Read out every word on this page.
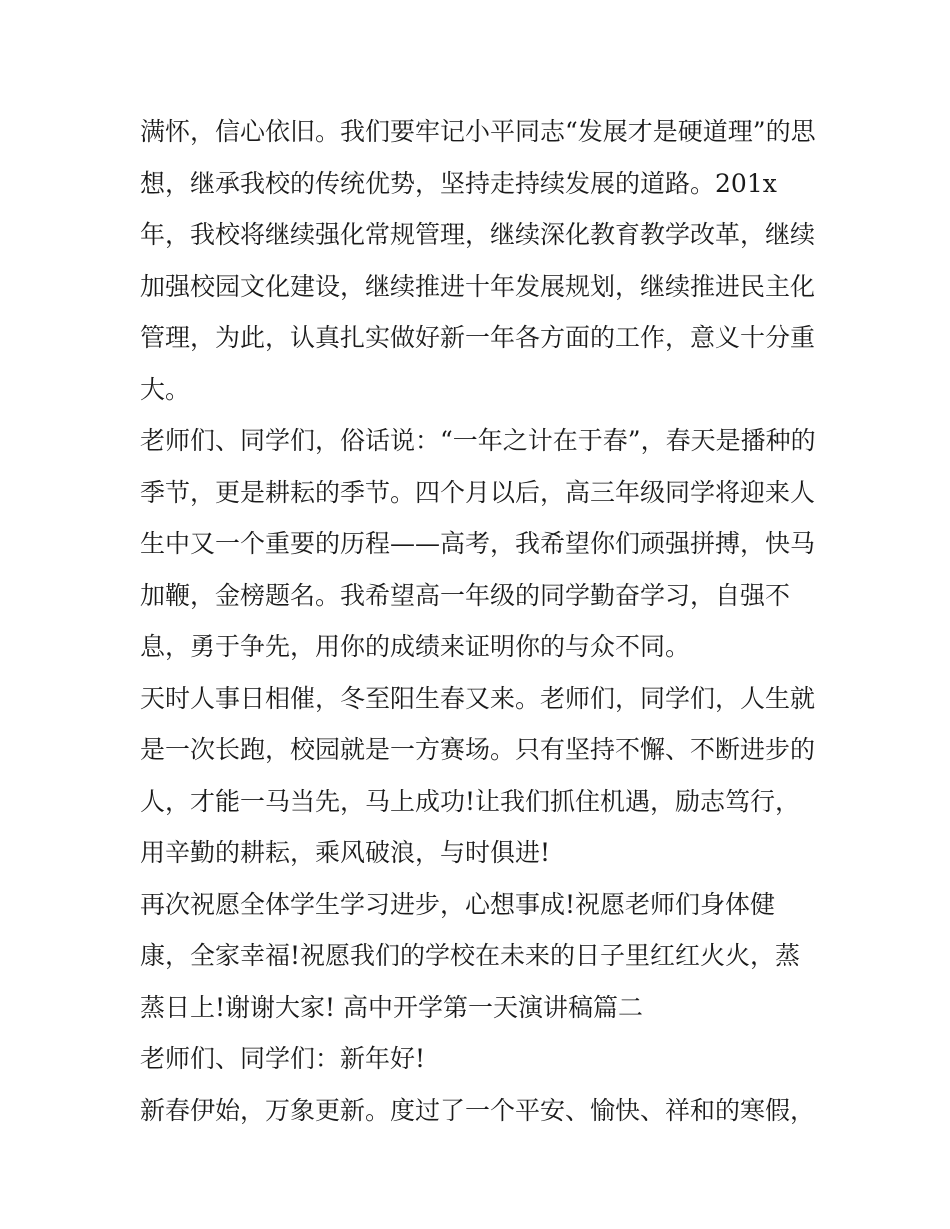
满怀，信心依旧。我们要牢记小平同志“发展才是硬道理”的思
想，继承我校的传统优势，坚持走持续发展的道路。201x
年，我校将继续强化常规管理，继续深化教育教学改革，继续
加强校园文化建设，继续推进十年发展规划，继续推进民主化
管理，为此，认真扎实做好新一年各方面的工作，意义十分重
大。
老师们、同学们，俗话说：“一年之计在于春”，春天是播种的
季节，更是耕耘的季节。四个月以后，高三年级同学将迎来人
生中又一个重要的历程——高考，我希望你们顽强拼搏，快马
加鞭，金榜题名。我希望高一年级的同学勤奋学习，自强不
息，勇于争先，用你的成绩来证明你的与众不同。
天时人事日相催，冬至阳生春又来。老师们，同学们，人生就
是一次长跑，校园就是一方赛场。只有坚持不懈、不断进步的
人，才能一马当先，马上成功!让我们抓住机遇，励志笃行，
用辛勤的耕耘，乘风破浪，与时俱进!
再次祝愿全体学生学习进步，心想事成!祝愿老师们身体健
康，全家幸福!祝愿我们的学校在未来的日子里红红火火，蒸
蒸日上!谢谢大家! 高中开学第一天演讲稿篇二
老师们、同学们：新年好!
新春伊始，万象更新。度过了一个平安、愉快、祥和的寒假，
